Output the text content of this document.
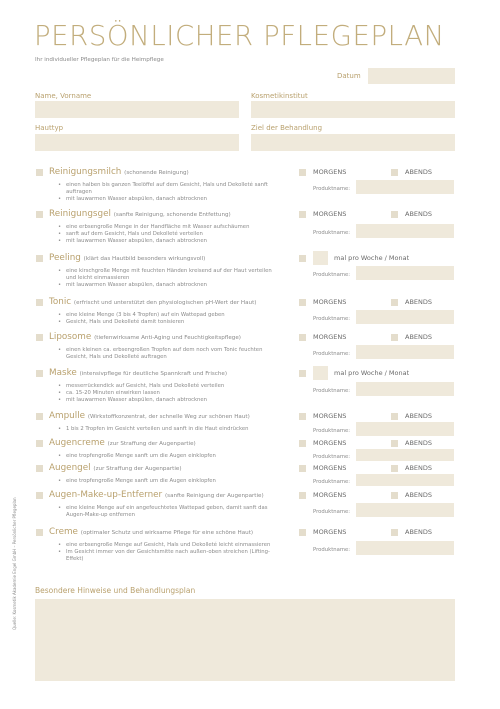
PERSÖNLICHER PFLEGEPLAN
Ihr individueller Pflegeplan für die Heimpflege
Datum
Name, Vorname	Kosmetikinstitut
Hauttyp	Ziel der Behandlung
Reinigungsmilch (schonende Reinigung)
• einen halben bis ganzen Teelöffel auf dem Gesicht, Hals und Dekolleté sanft auftragen
• mit lauwarmen Wasser abspülen, danach abtrocknen
MORGENS	ABENDS
Produktname:
Reinigungsgel (sanfte Reinigung, schonende Entfettung)
• eine erbsengroße Menge in der Handfläche mit Wasser aufschäumen
• sanft auf dem Gesicht, Hals und Dekolleté verteilen
• mit lauwarmen Wasser abspülen, danach abtrocknen
MORGENS	ABENDS
Produktname:
Peeling (klärt das Hautbild besonders wirkungsvoll)
• eine kirschgroße Menge mit feuchten Händen kreisend auf der Haut verteilen und leicht einmassieren
• mit lauwarmen Wasser abspülen, danach abtrocknen
mal pro Woche / Monat
Produktname:
Tonic (erfrischt und unterstützt den physiologischen pH-Wert der Haut)
• eine kleine Menge (3 bis 4 Tropfen) auf ein Wattepad geben
• Gesicht, Hals und Dekolleté damit tonisieren
MORGENS	ABENDS
Produktname:
Liposome (tiefenwirksame Anti-Aging und Feuchtigkeitspflege)
• einen kleinen ca. erbsengroßen Tropfen auf dem noch vom Tonic feuchten Gesicht, Hals und Dekolleté auftragen
MORGENS	ABENDS
Produktname:
Maske (intensivpflege für deutliche Spannkraft und Frische)
• messerrückendick auf Gesicht, Hals und Dekolleté verteilen
• ca. 15-20 Minuten einwirken lassen
• mit lauwarmen Wasser abspülen, danach abtrocknen
mal pro Woche / Monat
Produktname:
Ampulle (Wirkstoffkonzentrat, der schnelle Weg zur schönen Haut)
• 1 bis 2 Tropfen im Gesicht verteilen und sanft in die Haut eindrücken
MORGENS	ABENDS
Produktname:
Augencreme (zur Straffung der Augenpartie)
• eine tropfengroße Menge sanft um die Augen einklopfen
MORGENS	ABENDS
Produktname:
Augengel (zur Straffung der Augenpartie)
• eine tropfengroße Menge sanft um die Augen einklopfen
MORGENS	ABENDS
Produktname:
Augen-Make-up-Entferner (sanfte Reinigung der Augenpartie)
• eine kleine Menge auf ein angefeuchtetes Wattepad geben, damit sanft das Augen-Make-up entfernen
MORGENS	ABENDS
Produktname:
Creme (optimaler Schutz und wirksame Pflege für eine schöne Haut)
• eine erbsengroße Menge auf Gesicht, Hals und Dekolleté leicht einmassieren
• Im Gesicht immer von der Gesichtsmitte nach außen-oben streichen (Lifting-Effekt)
MORGENS	ABENDS
Produktname:
Besondere Hinweise und Behandlungsplan
Quelle: Kosmetik Akademie Engel GmbH – Persönlicher Pflegeplan
